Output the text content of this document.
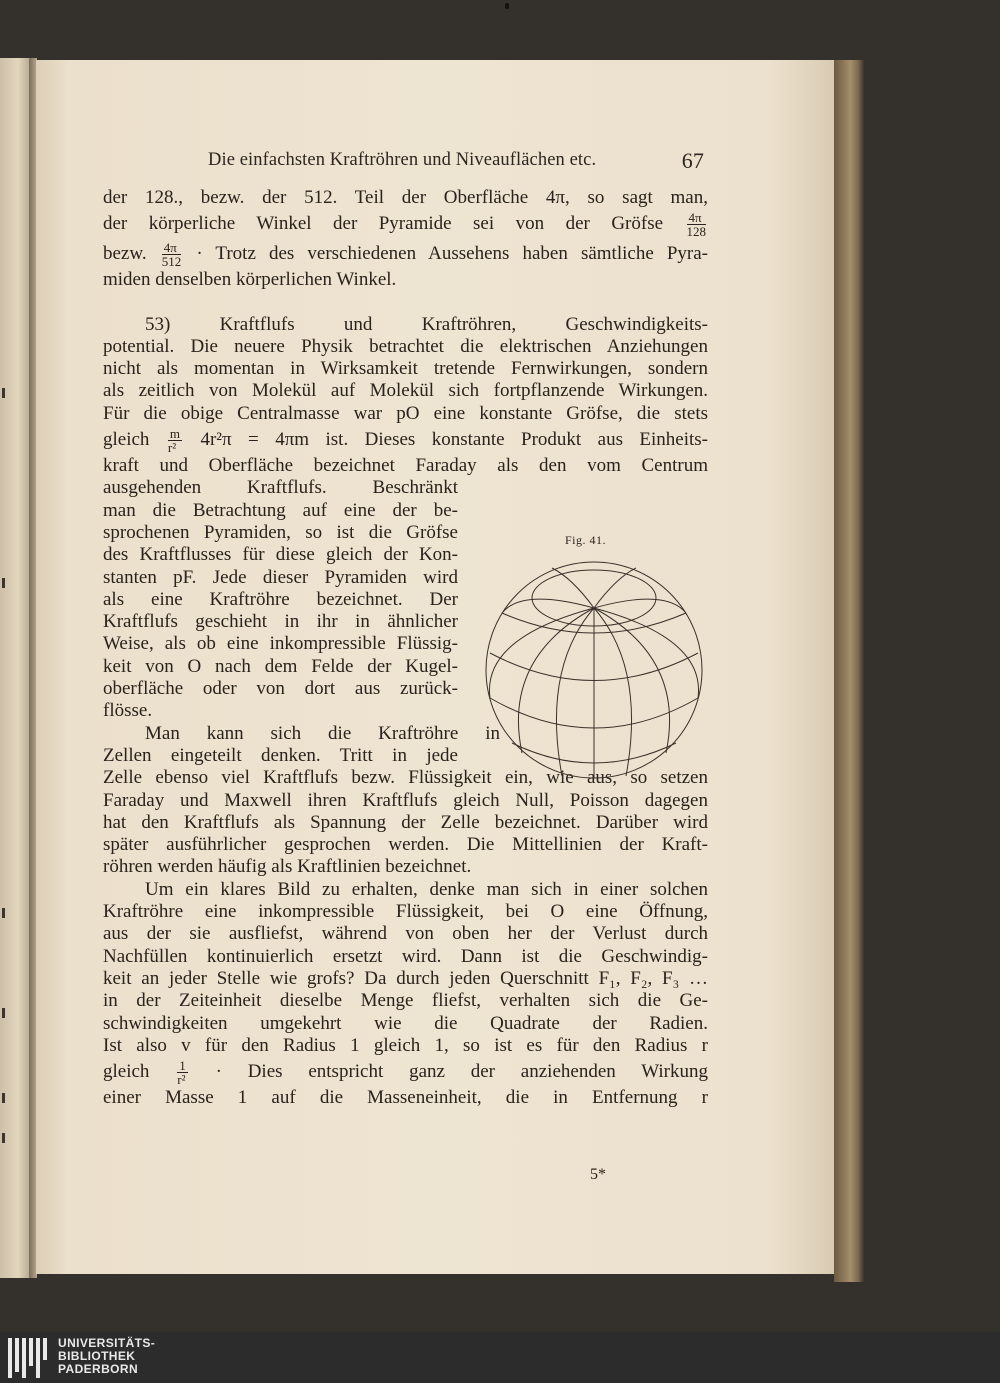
Die einfachsten Kraftröhren und Niveauflächen etc.	67
der 128., bezw. der 512. Teil der Oberfläche 4π, so sagt man,
der körperliche Winkel der Pyramide sei von der Gröfse $\frac{4\pi}{128}$
bezw. $\frac{4\pi}{512}$ · Trotz des verschiedenen Aussehens haben sämtliche Pyra-
miden denselben körperlichen Winkel.
53) Kraftflufs und Kraftröhren, Geschwindigkeits-
potential. Die neuere Physik betrachtet die elektrischen Anziehungen
nicht als momentan in Wirksamkeit tretende Fernwirkungen, sondern
als zeitlich von Molekül auf Molekül sich fortpflanzende Wirkungen.
Für die obige Centralmasse war pO eine konstante Gröfse, die stets
gleich $\frac{m}{\text{r²}} 4r^2\pi = 4\pi m$ ist. Dieses konstante Produkt aus Einheits-
kraft und Oberfläche bezeichnet Faraday als den vom Centrum
ausgehenden Kraftflufs. Beschränkt
man die Betrachtung auf eine der be-
sprochenen Pyramiden, so ist die Gröfse
des Kraftflusses für diese gleich der Kon-
stanten pF. Jede dieser Pyramiden wird
als eine Kraftröhre bezeichnet. Der
Kraftflufs geschieht in ihr in ähnlicher
Weise, als ob eine inkompressible Flüssig-
keit von O nach dem Felde der Kugel-
oberfläche oder von dort aus zurück-
flösse.
Man kann sich die Kraftröhre in
Zellen eingeteilt denken. Tritt in jede
Zelle ebenso viel Kraftflufs bezw. Flüssigkeit ein, wie aus, so setzen
Faraday und Maxwell ihren Kraftflufs gleich Null, Poisson dagegen
hat den Kraftflufs als Spannung der Zelle bezeichnet. Darüber wird
später ausführlicher gesprochen werden. Die Mittellinien der Kraft-
röhren werden häufig als Kraftlinien bezeichnet.
Um ein klares Bild zu erhalten, denke man sich in einer solchen
Kraftröhre eine inkompressible Flüssigkeit, bei O eine Öffnung,
aus der sie ausfliefst, während von oben her der Verlust durch
Nachfüllen kontinuierlich ersetzt wird. Dann ist die Geschwindig-
keit an jeder Stelle wie grofs? Da durch jeden Querschnitt F₁, F₂, F₃ …
in der Zeiteinheit dieselbe Menge fliefst, verhalten sich die Ge-
schwindigkeiten umgekehrt wie die Quadrate der Radien.
Ist also v für den Radius 1 gleich 1, so ist es für den Radius r
gleich $\frac{1}{\text{r²}}$ · Dies entspricht ganz der anziehenden Wirkung
einer Masse 1 auf die Masseneinheit, die in Entfernung r
Fig. 41.
5*
UNIVERSITÄTS-
BIBLIOTHEK
PADERBORN
